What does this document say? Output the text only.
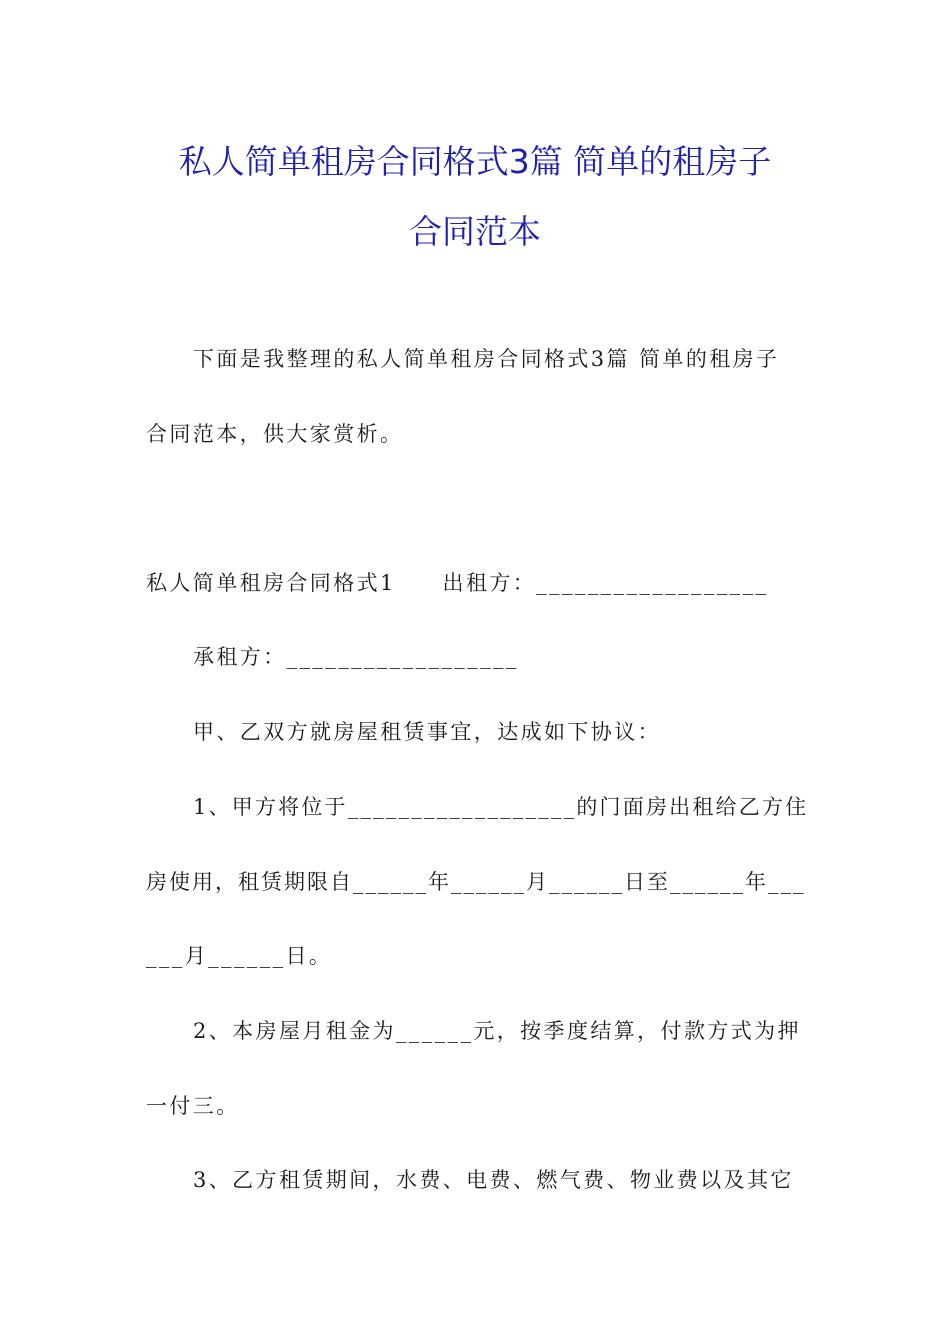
私人简单租房合同格式3篇 简单的租房子
合同范本
下面是我整理的私人简单租房合同格式3篇 简单的租房子
合同范本，供大家赏析。
私人简单租房合同格式1　　出租方：__________________
承租方：__________________
甲、乙双方就房屋租赁事宜，达成如下协议：
1、甲方将位于__________________的门面房出租给乙方住
房使用，租赁期限自______年______月______日至______年___
___月______日。
2、本房屋月租金为______元，按季度结算，付款方式为押
一付三。
3、乙方租赁期间，水费、电费、燃气费、物业费以及其它
